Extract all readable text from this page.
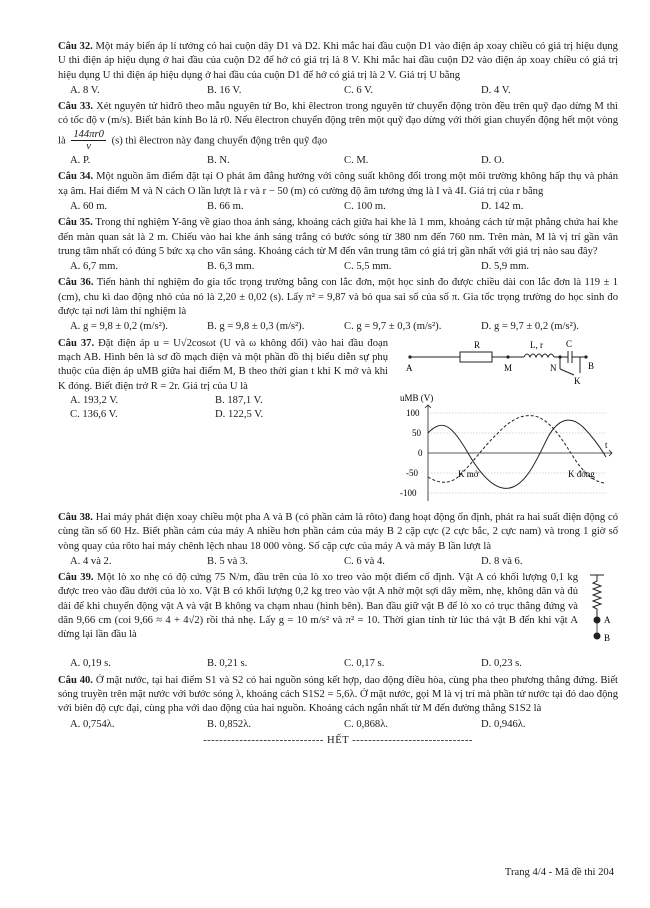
Câu 32. Một máy biến áp lí tưởng có hai cuộn dây D1 và D2. Khi mắc hai đầu cuộn D1 vào điện áp xoay chiều có giá trị hiệu dụng U thì điện áp hiệu dụng ở hai đầu của cuộn D2 để hở có giá trị là 8 V. Khi mắc hai đầu cuộn D2 vào điện áp xoay chiều có giá trị hiệu dụng U thì điện áp hiệu dụng ở hai đầu của cuộn D1 để hở có giá trị là 2 V. Giá trị U bằng

A. 8 V.	B. 16 V.	C. 6 V.	D. 4 V.

Câu 33. Xét nguyên tử hiđrô theo mẫu nguyên tử Bo, khi êlectron trong nguyên tử chuyển động tròn đều trên quỹ đạo dừng M thì có tốc độ v (m/s). Biết bán kính Bo là r0. Nếu êlectron chuyển động trên một quỹ đạo dừng với thời gian chuyển động hết một vòng là $\frac{144\pi r0}{v} (s)$ thì êlectron này đang chuyển động trên quỹ đạo

A. P.	B. N.	C. M.	D. O.

Câu 34. Một nguồn âm điểm đặt tại O phát âm đẳng hướng với công suất không đổi trong một môi trường không hấp thụ và phản xạ âm. Hai điểm M và N cách O lần lượt là r và r − 50 (m) có cường độ âm tương ứng là I và 4I. Giá trị của r bằng

A. 60 m.	B. 66 m.	C. 100 m.	D. 142 m.

Câu 35. Trong thí nghiệm Y-âng về giao thoa ánh sáng, khoảng cách giữa hai khe là 1 mm, khoảng cách từ mặt phẳng chứa hai khe đến màn quan sát là 2 m. Chiếu vào hai khe ánh sáng trắng có bước sóng từ 380 nm đến 760 nm. Trên màn, M là vị trí gần vân trung tâm nhất có đúng 5 bức xạ cho vân sáng. Khoảng cách từ M đến vân trung tâm có giá trị gần nhất với giá trị nào sau đây?

A. 6,7 mm.	B. 6,3 mm.	C. 5,5 mm.	D. 5,9 mm.

Câu 36. Tiến hành thí nghiệm đo gia tốc trọng trường bằng con lắc đơn, một học sinh đo được chiều dài con lắc đơn là 119 ± 1 (cm), chu kì dao động nhỏ của nó là 2,20 ± 0,02 (s). Lấy π² = 9,87 và bỏ qua sai số của số π. Gia tốc trọng trường do học sinh đo được tại nơi làm thí nghiệm là

A. g = 9,8 ± 0,2 (m/s²).	B. g = 9,8 ± 0,3 (m/s²).	C. g = 9,7 ± 0,3 (m/s²).	D. g = 9,7 ± 0,2 (m/s²).

Câu 37. Đặt điện áp u = U√2cosωt (U và ω không đổi) vào hai đầu đoạn mạch AB. Hình bên là sơ đồ mạch điện và một phần đồ thị biểu diễn sự phụ thuộc của điện áp uMB giữa hai điểm M, B theo thời gian t khi K mở và khi K đóng. Biết điện trở R = 2r. Giá trị của U là

A. 193,2 V.	B. 187,1 V.
C. 136,6 V.	D. 122,5 V.
R	L, r	C
K
A	M	N	B
uMB (V)
100
50
0
-50
-100
t
K mở	K đóng

Câu 38. Hai máy phát điện xoay chiều một pha A và B (có phần cảm là rôto) đang hoạt động ổn định, phát ra hai suất điện động có cùng tần số 60 Hz. Biết phần cảm của máy A nhiều hơn phần cảm của máy B 2 cặp cực (2 cực bắc, 2 cực nam) và trong 1 giờ số vòng quay của rôto hai máy chênh lệch nhau 18 000 vòng. Số cặp cực của máy A và máy B lần lượt là

A. 4 và 2.	B. 5 và 3.	C. 6 và 4.	D. 8 và 6.

Câu 39. Một lò xo nhẹ có độ cứng 75 N/m, đầu trên của lò xo treo vào một điểm cố định. Vật A có khối lượng 0,1 kg được treo vào đầu dưới của lò xo. Vật B có khối lượng 0,2 kg treo vào vật A nhờ một sợi dây mềm, nhẹ, không dãn và đủ dài để khi chuyển động vật A và vật B không va chạm nhau (hình bên). Ban đầu giữ vật B để lò xo có trục thẳng đứng và dãn 9,66 cm (coi 9,66 ≈ 4 + 4√2) rồi thả nhẹ. Lấy g = 10 m/s² và π² = 10. Thời gian tính từ lúc thả vật B đến khi vật A dừng lại lần đầu là

A
B
A. 0,19 s.	B. 0,21 s.	C. 0,17 s.	D. 0,23 s.

Câu 40. Ở mặt nước, tại hai điểm S1 và S2 có hai nguồn sóng kết hợp, dao động điều hòa, cùng pha theo phương thẳng đứng. Biết sóng truyền trên mặt nước với bước sóng λ, khoảng cách S1S2 = 5,6λ. Ở mặt nước, gọi M là vị trí mà phần tử nước tại đó dao động với biên độ cực đại, cùng pha với dao động của hai nguồn. Khoảng cách ngắn nhất từ M đến đường thẳng S1S2 là

A. 0,754λ.	B. 0,852λ.	C. 0,868λ.	D. 0,946λ.
------------------------------ HẾT ------------------------------
Trang 4/4 - Mã đề thi 204
